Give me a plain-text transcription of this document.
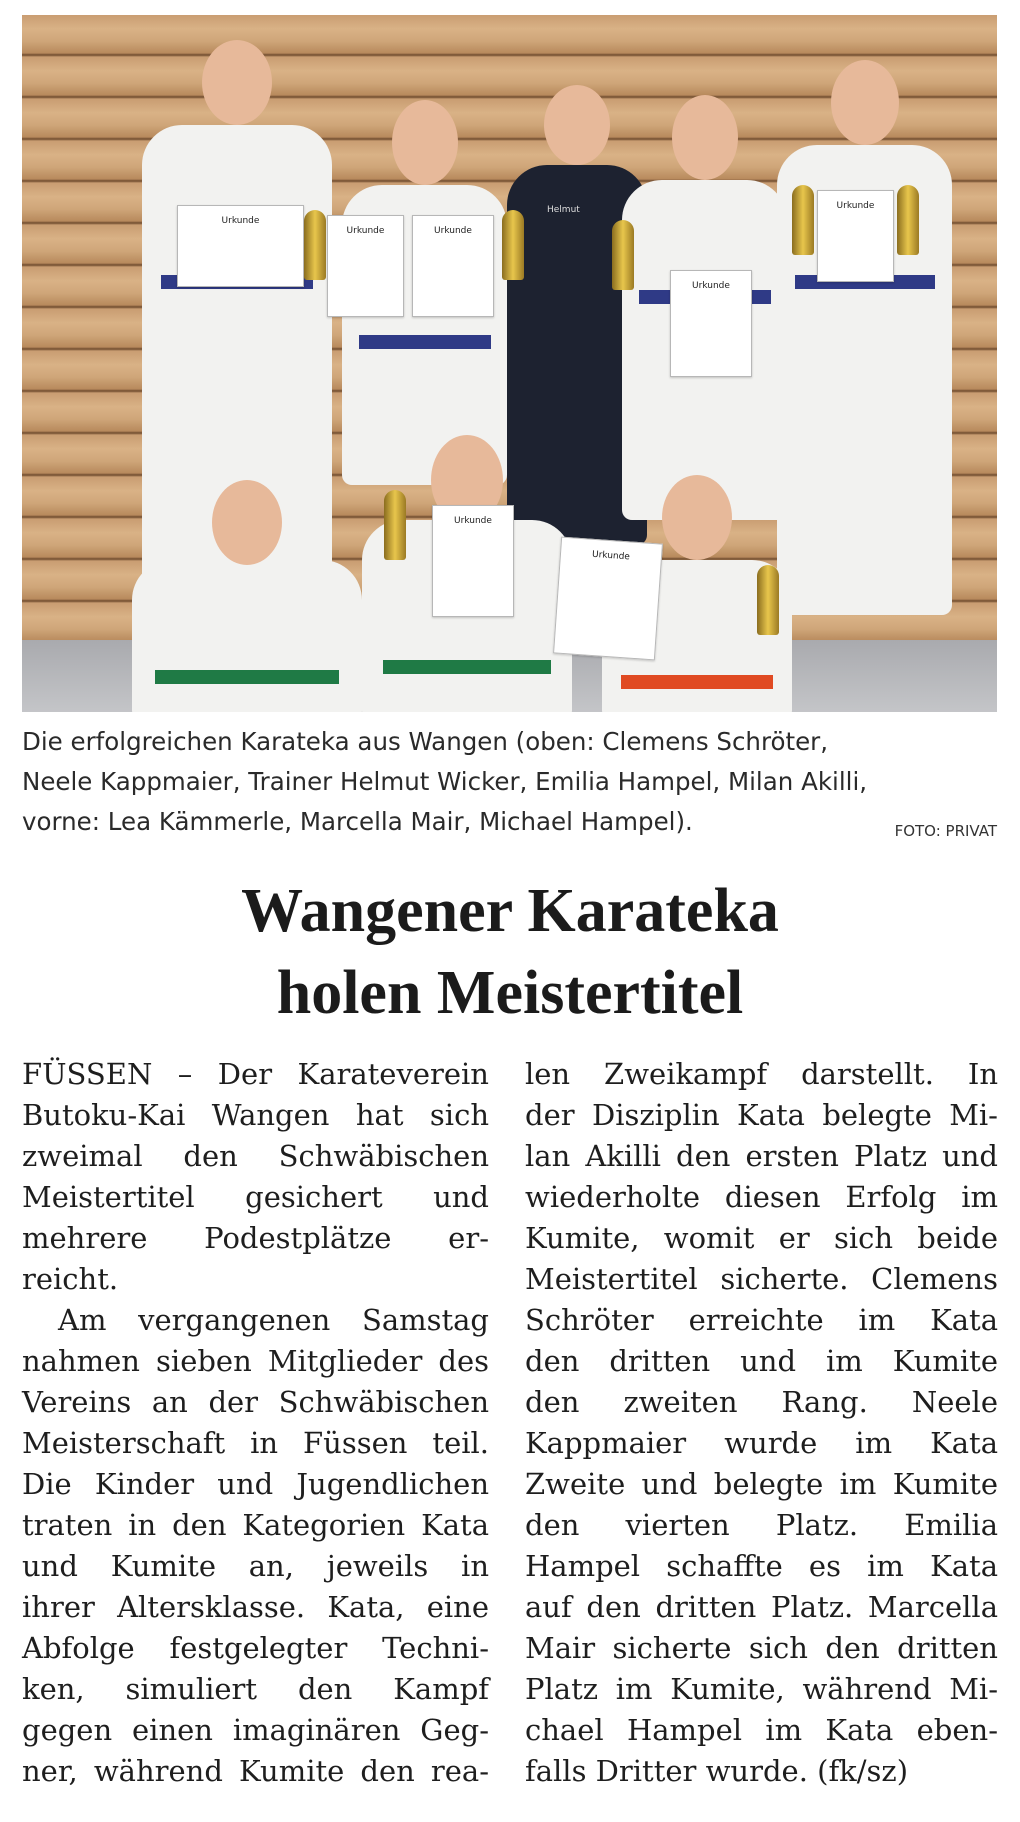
Helmut
Urkunde
Urkunde	Urkunde
Urkunde
Urkunde
Urkunde
Urkunde
Die erfolgreichen Karateka aus Wangen (oben: Clemens Schröter,
Neele Kappmaier, Trainer Helmut Wicker, Emilia Hampel, Milan Akilli,
vorne: Lea Kämmerle, Marcella Mair, Michael Hampel).	FOTO: PRIVAT
Wangener Karateka
holen Meistertitel
FÜSSEN – Der Karateverein
Butoku-Kai Wangen hat sich
zweimal den Schwäbischen
Meistertitel gesichert und
mehrere Podestplätze er-
reicht.
Am vergangenen Samstag
nahmen sieben Mitglieder des
Vereins an der Schwäbischen
Meisterschaft in Füssen teil.
Die Kinder und Jugendlichen
traten in den Kategorien Kata
und Kumite an, jeweils in
ihrer Altersklasse. Kata, eine
Abfolge festgelegter Techni-
ken, simuliert den Kampf
gegen einen imaginären Geg-
ner, während Kumite den rea-
len Zweikampf darstellt. In
der Disziplin Kata belegte Mi-
lan Akilli den ersten Platz und
wiederholte diesen Erfolg im
Kumite, womit er sich beide
Meistertitel sicherte. Clemens
Schröter erreichte im Kata
den dritten und im Kumite
den zweiten Rang. Neele
Kappmaier wurde im Kata
Zweite und belegte im Kumite
den vierten Platz. Emilia
Hampel schaffte es im Kata
auf den dritten Platz. Marcella
Mair sicherte sich den dritten
Platz im Kumite, während Mi-
chael Hampel im Kata eben-
falls Dritter wurde. (fk/sz)
